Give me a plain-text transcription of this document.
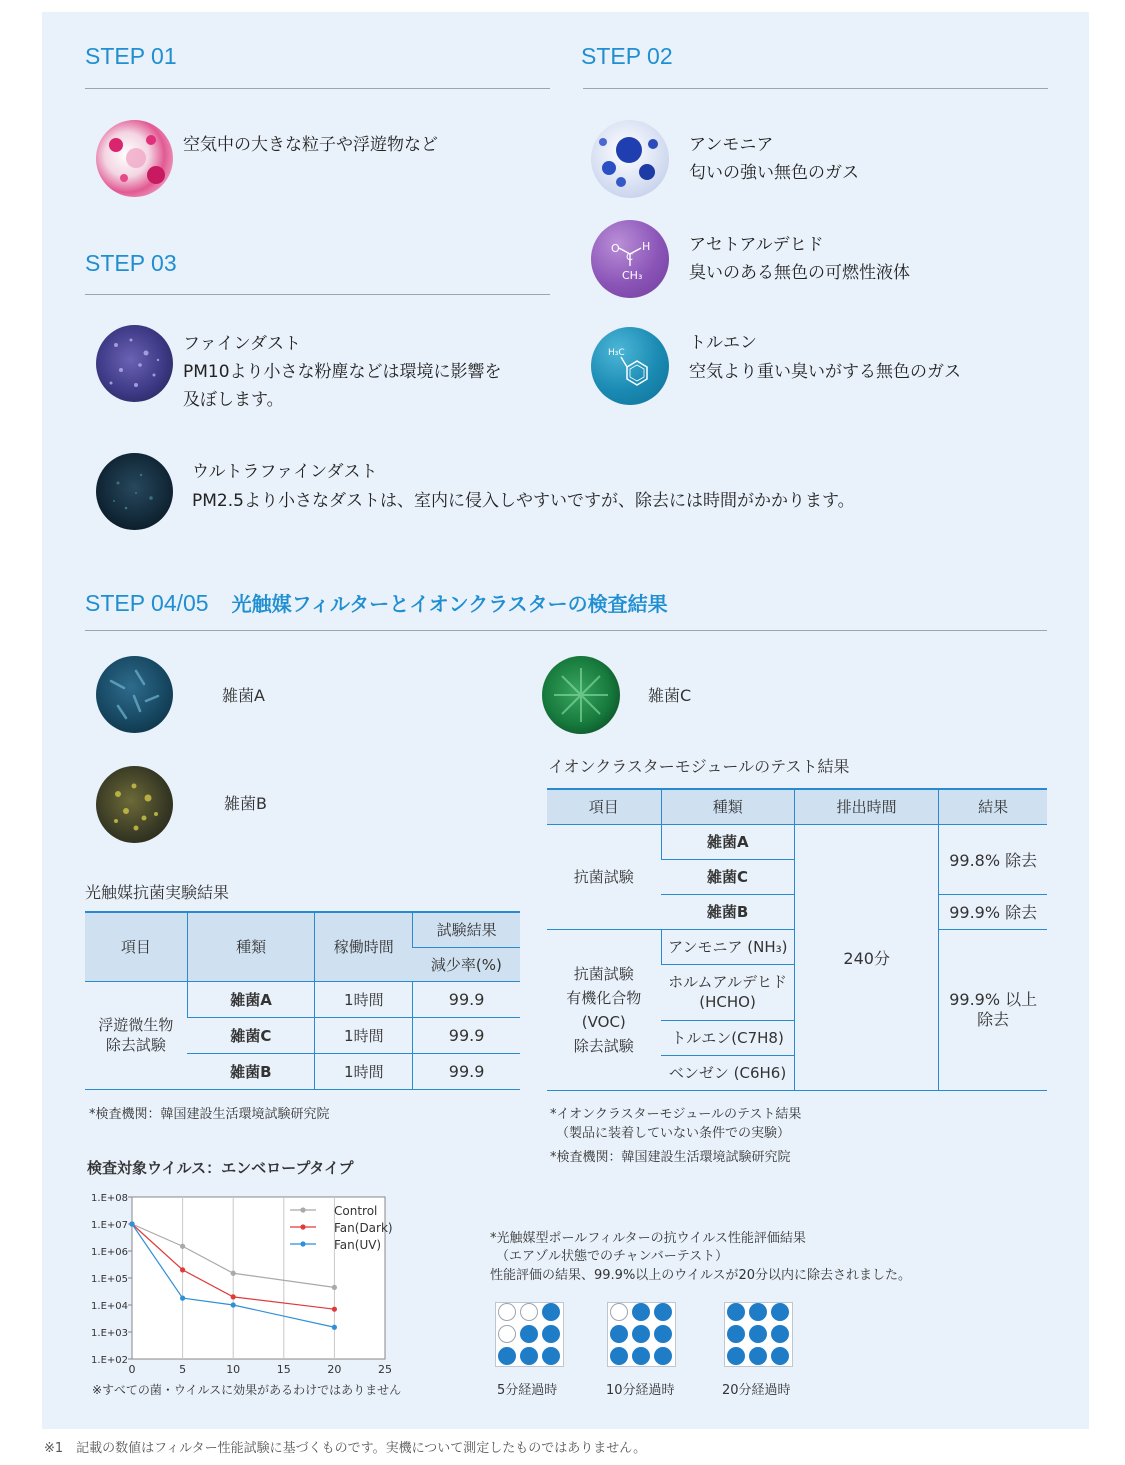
STEP 01
空気中の大きな粒子や浮遊物など
STEP 02
アンモニア
匂いの強い無色のガス
O H
C
CH₃
アセトアルデヒド
臭いのある無色の可燃性液体
H₃C	トルエン
空気より重い臭いがする無色のガス
STEP 03
ファインダスト
PM10より小さな粉塵などは環境に影響を
及ぼします。
ウルトラファインダスト
PM2.5より小さなダストは、室内に侵入しやすいですが、除去には時間がかかります。
STEP 04/05　 光触媒フィルターとイオンクラスターの検査結果
雑菌A
雑菌B
雑菌C
光触媒抗菌実験結果
項目	種類	稼働時間	試験結果
			減少率(%)
浮遊微生物
除去試験	雑菌A	1時間	99.9
	雑菌C	1時間	99.9
	雑菌B	1時間	99.9
*検査機関：韓国建設生活環境試験研究院
イオンクラスターモジュールのテスト結果
項目	種類	排出時間	結果
抗菌試験	雑菌A	240分	99.8% 除去
	雑菌C		
	雑菌B		99.9% 除去
抗菌試験
有機化合物
(VOC)
除去試験	アンモニア (NH₃)		99.9% 以上
除去
	ホルムアルデヒド
(HCHO)		
	トルエン(C7H8)		
	ベンゼン (C6H6)		
*イオンクラスターモジュールのテスト結果
（製品に装着していない条件での実験）
*検査機関：韓国建設生活環境試験研究院
検査対象ウイルス：エンベロープタイプ
0	5	10	15	20	25
1.E+02
1.E+03
1.E+04
1.E+05
1.E+06
1.E+07
1.E+08
Control
Fan(Dark)
Fan(UV)
※すべての菌・ウイルスに効果があるわけではありません
*光触媒型ポールフィルターの抗ウイルス性能評価結果
（エアゾル状態でのチャンバーテスト）
性能評価の結果、99.9%以上のウイルスが20分以内に除去されました。
5分経過時	10分経過時	20分経過時
※1　記載の数値はフィルター性能試験に基づくものです。実機について測定したものではありません。
